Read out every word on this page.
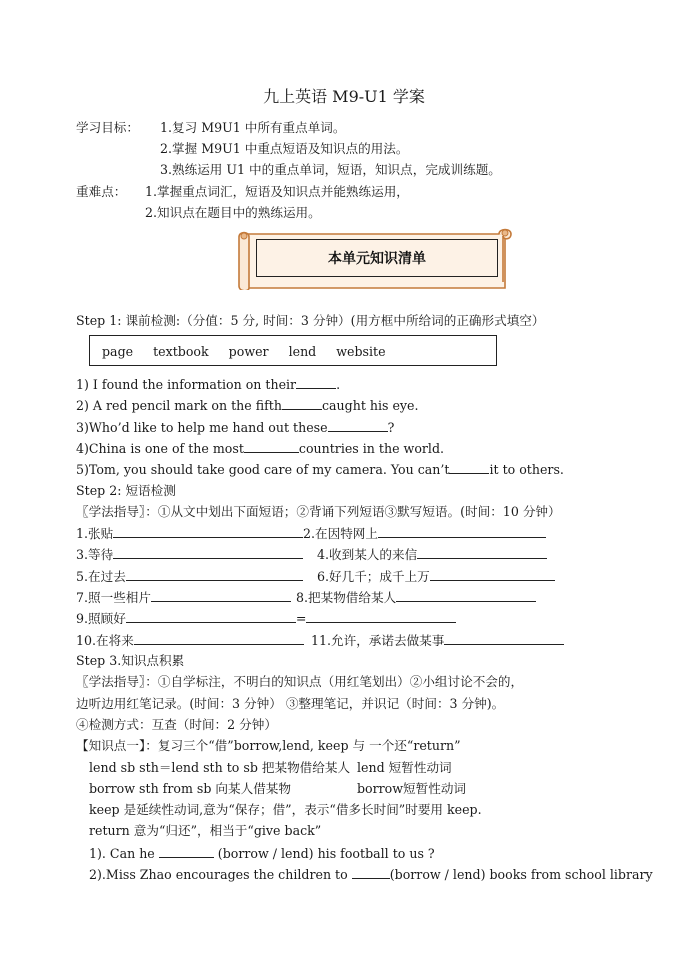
九上英语 M9-U1 学案
学习目标： 1.复习 M9U1 中所有重点单词。
2.掌握 M9U1 中重点短语及知识点的用法。
3.熟练运用 U1 中的重点单词，短语，知识点，完成训练题。
重难点： 1.掌握重点词汇，短语及知识点并能熟练运用，
2.知识点在题目中的熟练运用。
本单元知识清单
Step 1: 课前检测:（分值：5 分, 时间：3 分钟）(用方框中所给词的正确形式填空）
page textbook power lend website
1) I found the information on their	.
2) A red pencil mark on the fifth	caught his eye.
3)Who’d like to help me hand out these	?
4)China is one of the most	countries in the world.
5)Tom, you should take good care of my camera. You can’t	it to others.
Step 2: 短语检测
〖学法指导〗：①从文中划出下面短语；②背诵下列短语③默写短语。(时间：10 分钟）
1.张贴	2.在因特网上
3.等待	4.收到某人的来信
5.在过去	6.好几千；成千上万
7.照一些相片	8.把某物借给某人
9.照顾好	=
10.在将来	11.允许，承诺去做某事
Step 3.知识点积累
〖学法指导〗：①自学标注，不明白的知识点（用红笔划出）②小组讨论不会的，
边听边用红笔记录。(时间：3 分钟） ③整理笔记，并识记（时间：3 分钟)。
④检测方式：互查（时间：2 分钟）
【知识点一】：复习三个“借”borrow,lend, keep 与 一个还“return”
lend sb sth＝lend sth to sb 把某物借给某人 lend 短暂性动词
borrow sth from sb 向某人借某物	borrow短暂性动词
keep 是延续性动词,意为“保存；借”，表示“借多长时间”时要用 keep.
return 意为“归还”，相当于“give back”
1). Can he	(borrow / lend) his football to us ?
2).Miss Zhao encourages the children to	(borrow / lend) books from school library
